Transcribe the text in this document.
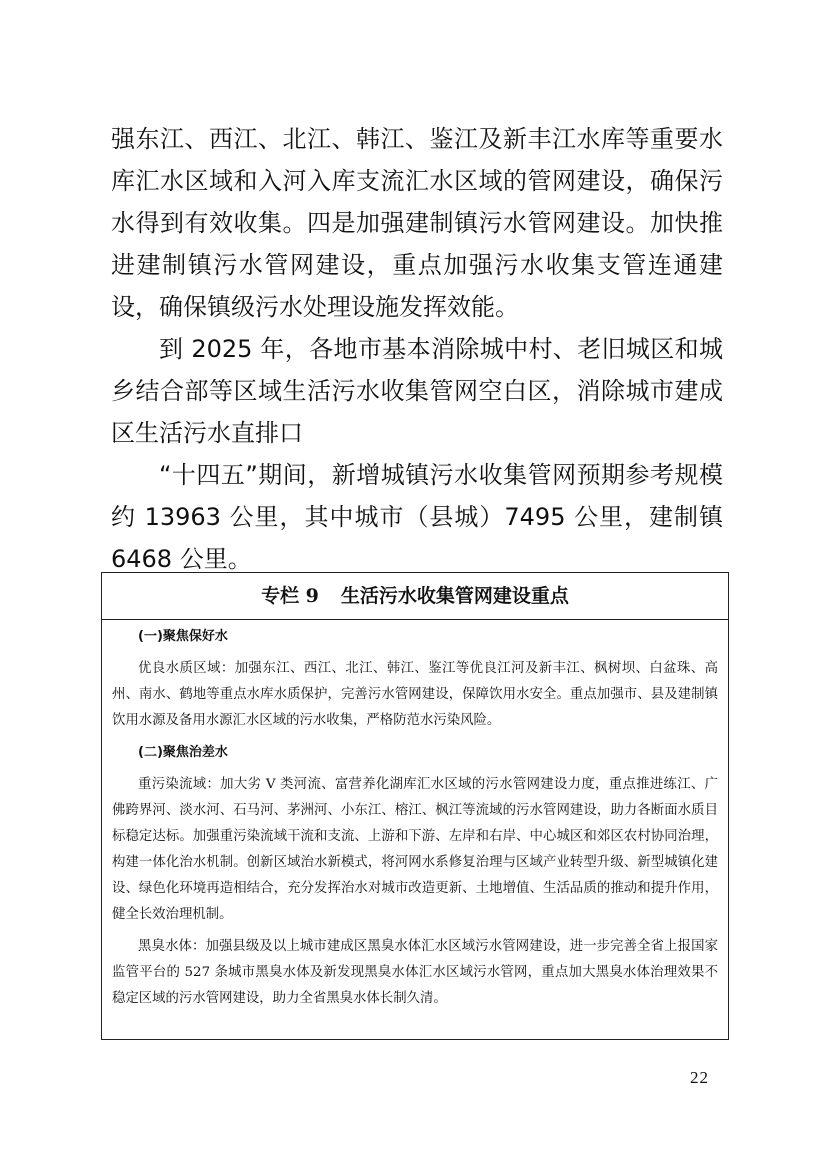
强东江、西江、北江、韩江、鉴江及新丰江水库等重要水库汇水区域和入河入库支流汇水区域的管网建设，确保污水得到有效收集。四是加强建制镇污水管网建设。加快推进建制镇污水管网建设，重点加强污水收集支管连通建设，确保镇级污水处理设施发挥效能。

到 2025 年，各地市基本消除城中村、老旧城区和城乡结合部等区域生活污水收集管网空白区，消除城市建成区生活污水直排口

“十四五”期间，新增城镇污水收集管网预期参考规模约 13963 公里，其中城市（县城）7495 公里，建制镇 6468 公里。

专栏 9 生活污水收集管网建设重点
(一)聚焦保好水

优良水质区域：加强东江、西江、北江、韩江、鉴江等优良江河及新丰江、枫树坝、白盆珠、高州、南水、鹤地等重点水库水质保护，完善污水管网建设，保障饮用水安全。重点加强市、县及建制镇饮用水源及备用水源汇水区域的污水收集，严格防范水污染风险。

(二)聚焦治差水

重污染流域：加大劣 V 类河流、富营养化湖库汇水区域的污水管网建设力度，重点推进练江、广佛跨界河、淡水河、石马河、茅洲河、小东江、榕江、枫江等流域的污水管网建设，助力各断面水质目标稳定达标。加强重污染流域干流和支流、上游和下游、左岸和右岸、中心城区和郊区农村协同治理，构建一体化治水机制。创新区域治水新模式，将河网水系修复治理与区域产业转型升级、新型城镇化建设、绿色化环境再造相结合，充分发挥治水对城市改造更新、土地增值、生活品质的推动和提升作用，健全长效治理机制。

黑臭水体：加强县级及以上城市建成区黑臭水体汇水区域污水管网建设，进一步完善全省上报国家监管平台的 527 条城市黑臭水体及新发现黑臭水体汇水区域污水管网，重点加大黑臭水体治理效果不稳定区域的污水管网建设，助力全省黑臭水体长制久清。

22
